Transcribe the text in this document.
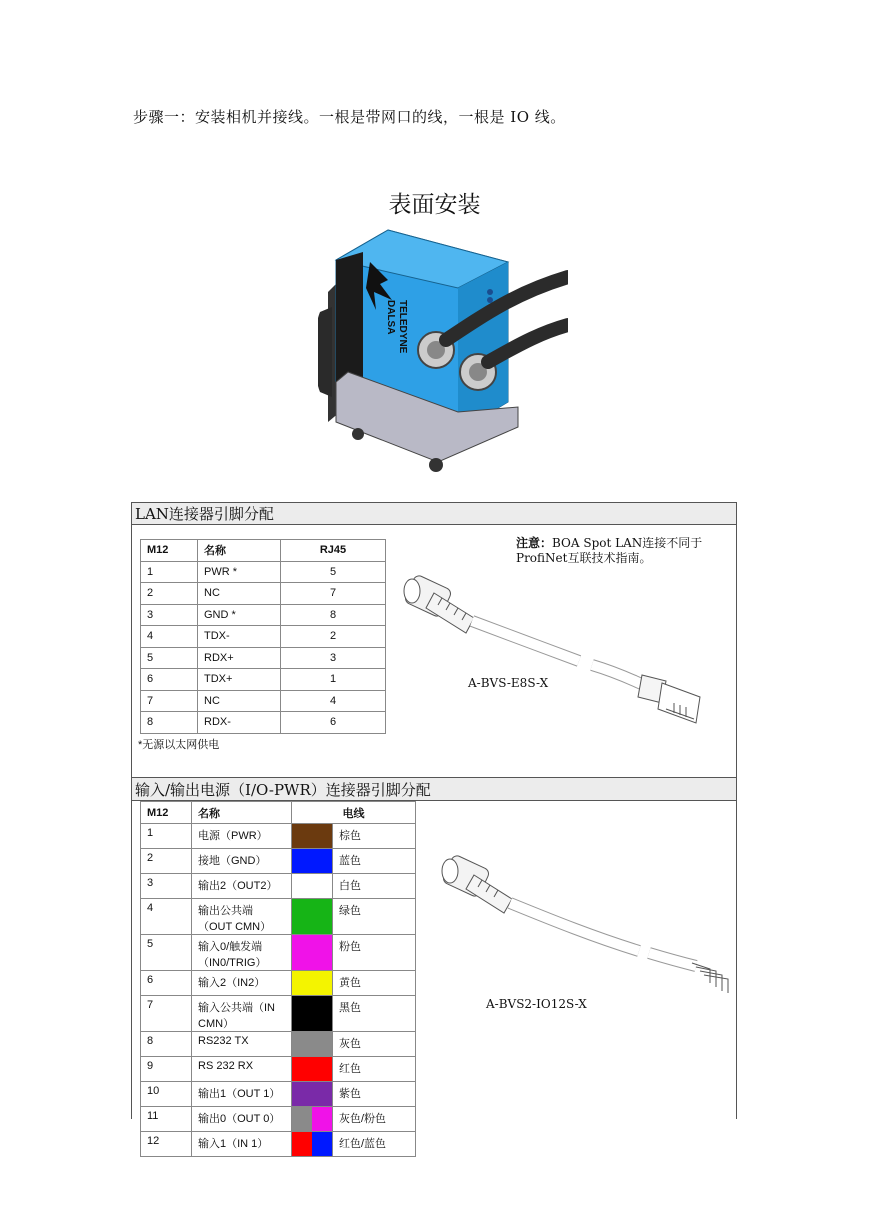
步骤一：安装相机并接线。一根是带网口的线，一根是 IO 线。
表面安装
TELEDYNE
DALSA
LAN连接器引脚分配
M12	名称	RJ45
1	PWR *	5
2	NC	7
3	GND *	8
4	TDX-	2
5	RDX+	3
6	TDX+	1
7	NC	4
8	RDX-	6
*无源以太网供电
注意：BOA Spot LAN连接不同于
ProfiNet互联技术指南。
A-BVS-E8S-X
输入/输出电源（I/O-PWR）连接器引脚分配
M12	名称	电线	
1	电源（PWR）		棕色
2	接地（GND）		蓝色
3	输出2（OUT2）		白色
4	输出公共端（OUT CMN）		绿色
5	输入0/触发端（IN0/TRIG）		粉色
6	输入2（IN2）		黄色
7	输入公共端（IN CMN）		黑色
8	RS232 TX		灰色
9	RS 232 RX		红色
10	输出1（OUT 1）		紫色
11	输出0（OUT 0）		灰色/粉色
12	输入1（IN 1）		红色/蓝色
A-BVS2-IO12S-X
